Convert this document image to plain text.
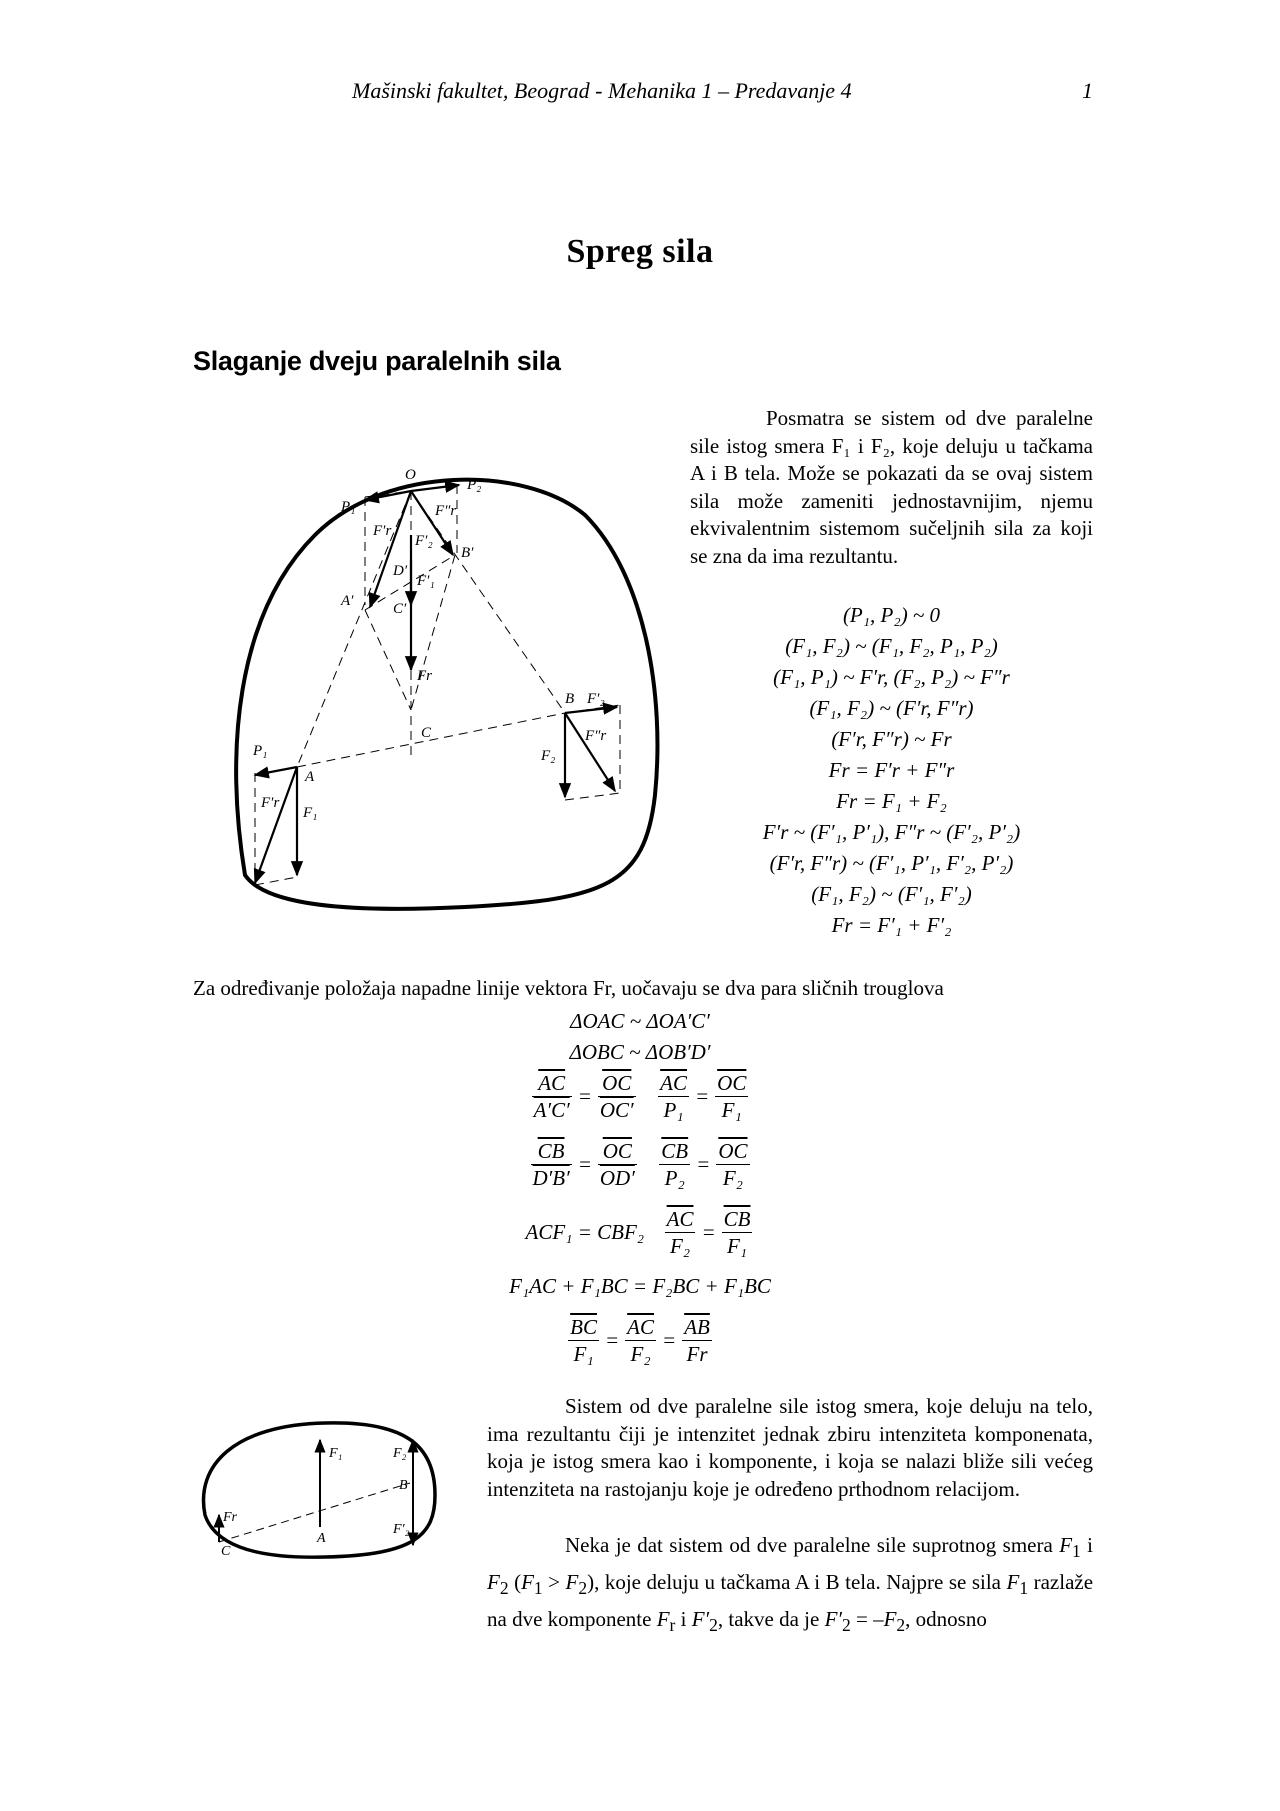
Mašinski fakultet, Beograd - Mehanika 1 – Predavanje 4	1
Spreg sila
Slaganje dveju paralelnih sila
O
P₁
P₂
F′r
F″r
F′₂
B′
D′
F′₁
A′	C′
Fr
C
B F′₂
F″r
F₂
P₁
A
F′r
F₁
Posmatra se sistem od dve paralelne sile istog smera F₁ i F₂, koje deluju u tačkama A i B tela. Može se pokazati da se ovaj sistem sila može zameniti jednostavnijim, njemu ekvivalentnim sistemom sučeljnih sila za koji se zna da ima rezultantu.
(P₁, P₂) ~ 0
(F₁, F₂) ~ (F₁, F₂, P₁, P₂)
(F₁, P₁) ~ F′r, (F₂, P₂) ~ F″r
(F₁, F₂) ~ (F′r, F″r)
(F′r, F″r) ~ Fr
Fr = F′r + F″r
Fr = F₁ + F₂
F′r ~ (F′₁, P′₁), F″r ~ (F′₂, P′₂)
(F′r, F″r) ~ (F′₁, P′₁, F′₂, P′₂)
(F₁, F₂) ~ (F′₁, F′₂)
Fr = F′₁ + F′₂
Za određivanje položaja napadne linije vektora Fr, uočavaju se dva para sličnih trouglova
ΔOAC ~ ΔOA′C′
ΔOBC ~ ΔOB′D′
$\frac{\overline{AC}}{A'C'} = \frac{\overline{OC}}{OC'}$
$\frac{\overline{AC}}{\text{P₁}} = \frac{\overline{OC}}{\text{F₁}}$
$\frac{\overline{CB}}{D'B'} = \frac{\overline{OC}}{OD'}$
$\frac{\overline{CB}}{\text{P₂}} = \frac{\overline{OC}}{\text{F₂}}$
ACF₁ = CBF₂
$\frac{\overline{AC}}{\text{F₂}} = \frac{\overline{CB}}{\text{F₁}}$
F₁AC + F₁BC = F₂BC + F₁BC
$\frac{\overline{BC}}{\text{F₁}} = \frac{\overline{AC}}{\text{F₂}} = \frac{\overline{AB}}{Fr}$
F₁	F₂
B
F′₂
A
Fr
C
Sistem od dve paralelne sile istog smera, koje deluju na telo, ima rezultantu čiji je intenzitet jednak zbiru intenziteta komponenata, koja je istog smera kao i komponente, i koja se nalazi bliže sili većeg intenziteta na rastojanju koje je određeno prthodnom relacijom.
Neka je dat sistem od dve paralelne sile suprotnog smera $F_1$ i $F_2$ $(F_1 > F_2)$, koje deluju u tačkama A i B tela. Najpre se sila $F_1$ razlaže na dve komponente $F_r$ i $F'_2$, takve da je $F'_2 = -F_2$, odnosno
